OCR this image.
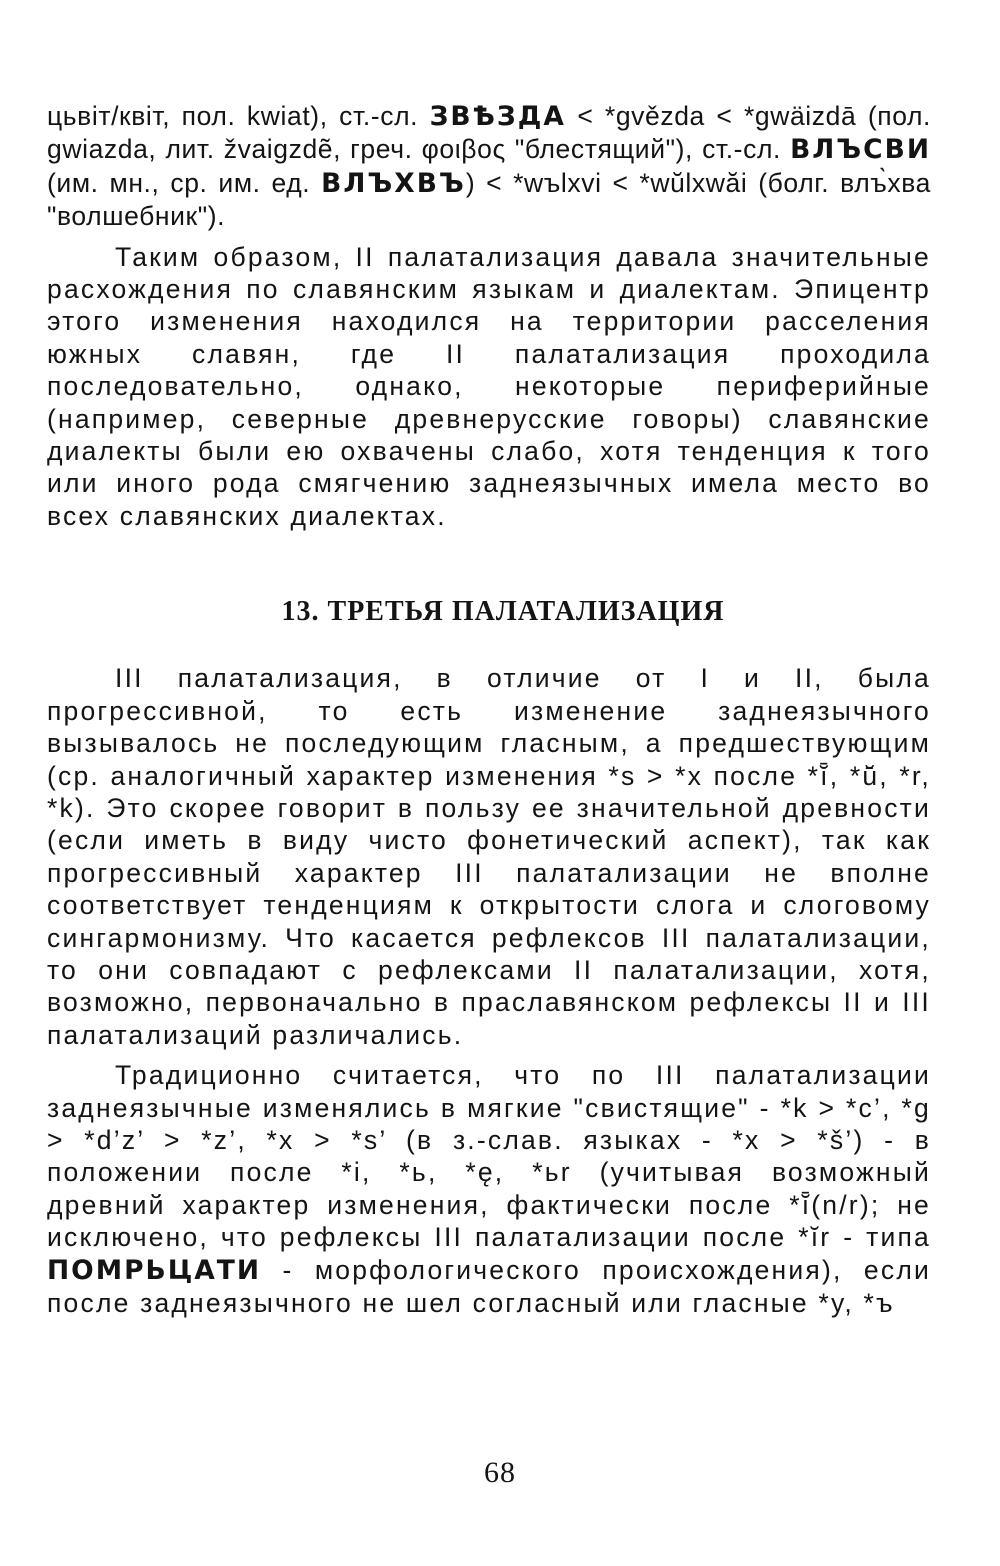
цьвiт/квiт, пол. kwiat), ст.-сл. ЗВѢЗДА < *gvězda < *gwäizdā (пол. gwiazda, лит. žvaigzdẽ, греч. φοιβος "блестящий"), ст.-сл. ВЛЪСВИ (им. мн., ср. им. ед. ВЛЪХВЪ) < *wъlxvi < *wŭlxwăi (болг. влъ̀хва "волшебник").

Таким образом, II палатализация давала значительные расхождения по славянским языкам и диалектам. Эпицентр этого изменения находился на территории расселения южных славян, где II палатализация проходила последовательно, однако, некоторые периферийные (например, северные древнерусские говоры) славянские диалекты были ею охвачены слабо, хотя тенденция к того или иного рода смягчению заднеязычных имела место во всех славянских диалектах.

13. ТРЕТЬЯ ПАЛАТАЛИЗАЦИЯ

III палатализация, в отличие от I и II, была прогрессивной, то есть изменение заднеязычного вызывалось не последующим гласным, а предшествующим (ср. аналогичный характер изменения *s > *x после *ĭ̄, *ŭ̄, *r, *k). Это скорее говорит в пользу ее значительной древности (если иметь в виду чисто фонетический аспект), так как прогрессивный характер III палатализации не вполне соответствует тенденциям к открытости слога и слоговому сингармонизму. Что касается рефлексов III палатализации, то они совпадают с рефлексами II палатализации, хотя, возможно, первоначально в праславянском рефлексы II и III палатализаций различались.

Традиционно считается, что по III палатализации заднеязычные изменялись в мягкие "свистящие" - *k > *c’, *g > *d’z’ > *z’, *x > *s’ (в з.-слав. языках - *x > *š’) - в положении после *i, *ь, *ę, *ьr (учитывая возможный древний характер изменения, фактически после *ĭ̄(n/r); не исключено, что рефлексы III палатализации после *ĭr - типа ПОМРЬЦАТИ - морфологического происхождения), если после заднеязычного не шел согласный или гласные *y, *ъ

68
